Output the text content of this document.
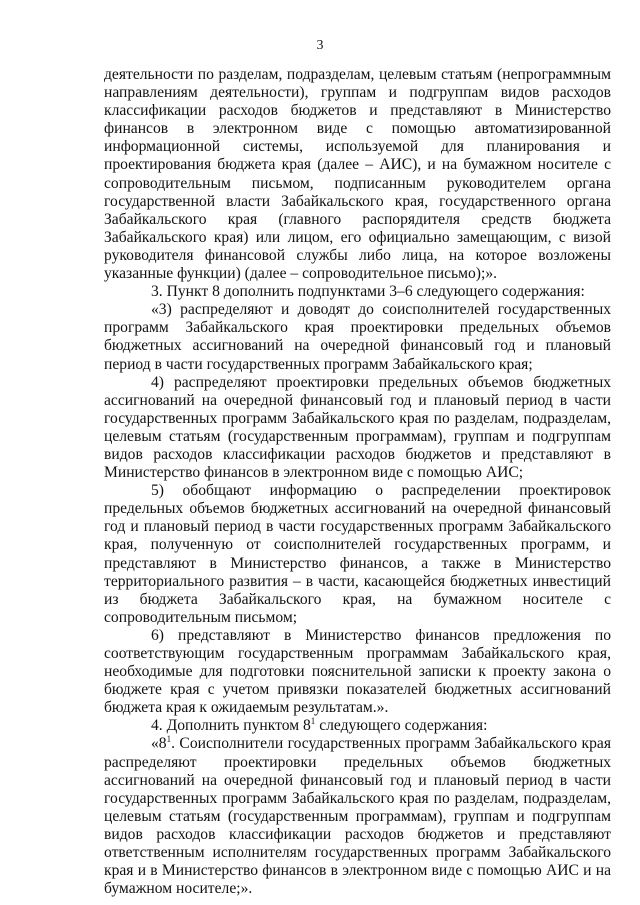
3

деятельности по разделам, подразделам, целевым статьям (непрограммным направлениям деятельности), группам и подгруппам видов расходов классификации расходов бюджетов и представляют в Министерство финансов в электронном виде с помощью автоматизированной информационной системы, используемой для планирования и проектирования бюджета края (далее – АИС), и на бумажном носителе с сопроводительным письмом, подписанным руководителем органа государственной власти Забайкальского края, государственного органа Забайкальского края (главного распорядителя средств бюджета Забайкальского края) или лицом, его официально замещающим, с визой руководителя финансовой службы либо лица, на которое возложены указанные функции) (далее – сопроводительное письмо);».

3. Пункт 8 дополнить подпунктами 3–6 следующего содержания:

«3) распределяют и доводят до соисполнителей государственных программ Забайкальского края проектировки предельных объемов бюджетных ассигнований на очередной финансовый год и плановый период в части государственных программ Забайкальского края;

4) распределяют проектировки предельных объемов бюджетных ассигнований на очередной финансовый год и плановый период в части государственных программ Забайкальского края по разделам, подразделам, целевым статьям (государственным программам), группам и подгруппам видов расходов классификации расходов бюджетов и представляют в Министерство финансов в электронном виде с помощью АИС;

5) обобщают информацию о распределении проектировок предельных объемов бюджетных ассигнований на очередной финансовый год и плановый период в части государственных программ Забайкальского края, полученную от соисполнителей государственных программ, и представляют в Министерство финансов, а также в Министерство территориального развития – в части, касающейся бюджетных инвестиций из бюджета Забайкальского края, на бумажном носителе с сопроводительным письмом;

6) представляют в Министерство финансов предложения по соответствующим государственным программам Забайкальского края, необходимые для подготовки пояснительной записки к проекту закона о бюджете края с учетом привязки показателей бюджетных ассигнований бюджета края к ожидаемым результатам.».

4. Дополнить пунктом $8^1$ следующего содержания:

«$8^1$. Соисполнители государственных программ Забайкальского края распределяют проектировки предельных объемов бюджетных ассигнований на очередной финансовый год и плановый период в части государственных программ Забайкальского края по разделам, подразделам, целевым статьям (государственным программам), группам и подгруппам видов расходов классификации расходов бюджетов и представляют ответственным исполнителям государственных программ Забайкальского края и в Министерство финансов в электронном виде с помощью АИС и на бумажном носителе;».
